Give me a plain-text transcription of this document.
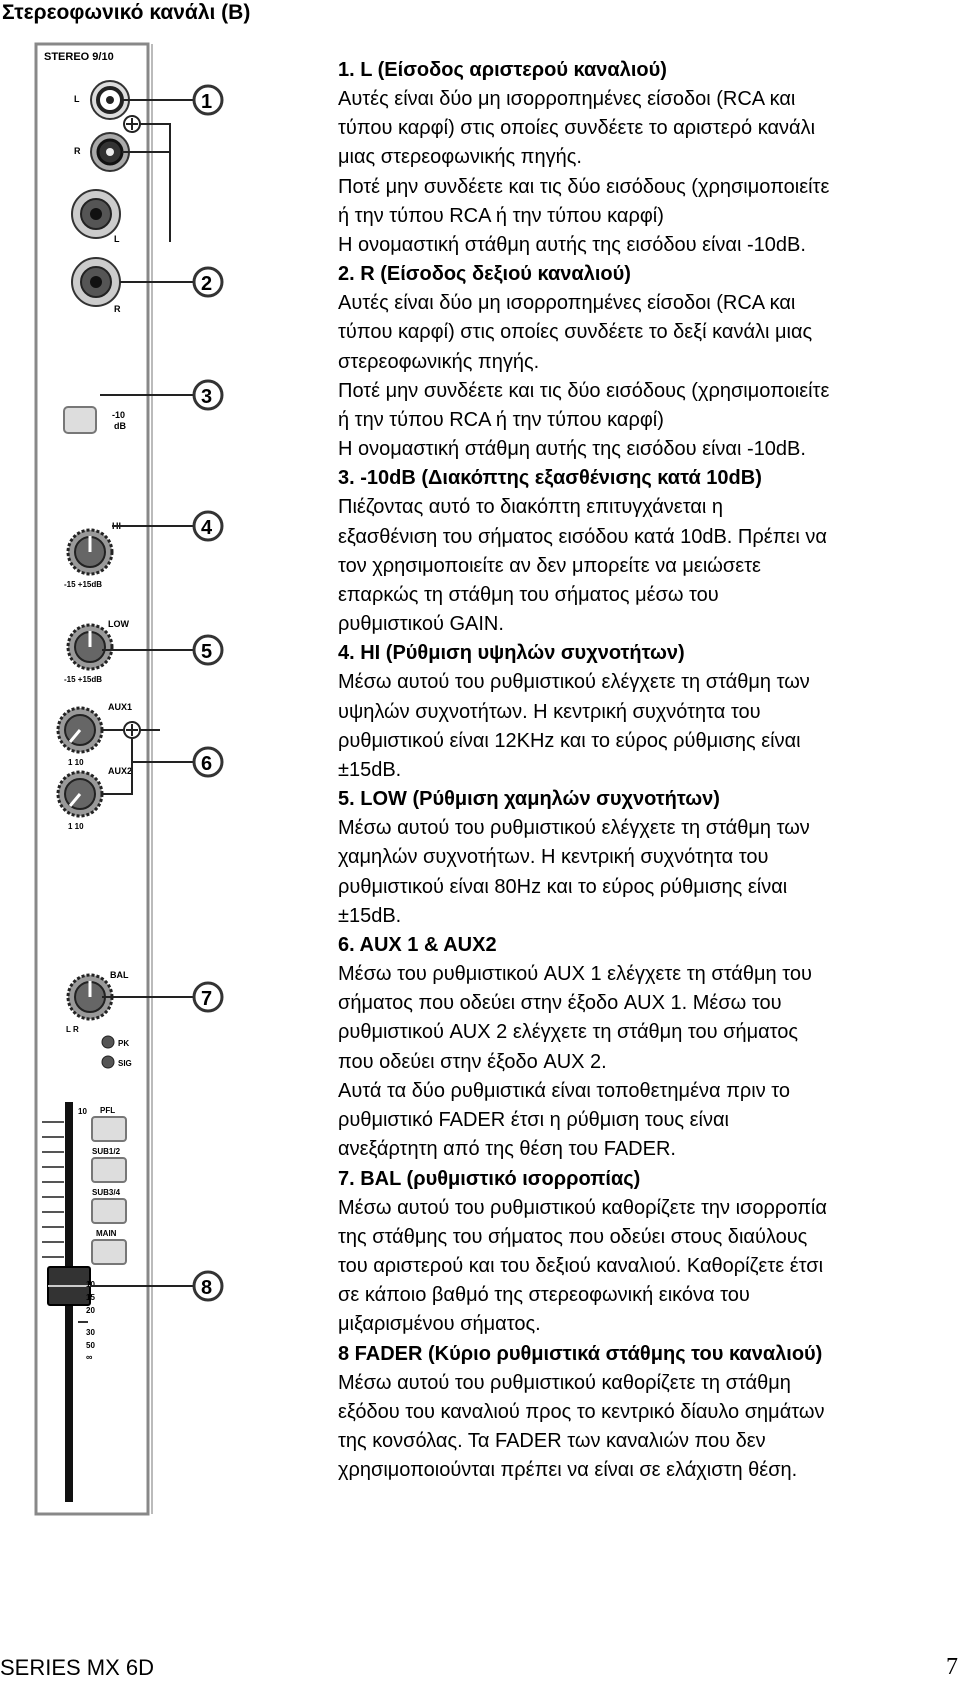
Στερεοφωνικό κανάλι (B)
STEREO 9/10
L
R
L
R
-10
dB
HI
-15 +15dB
LOW
-15 +15dB
AUX1
1 10
AUX2
1 10
BAL
L R
PK
SIG
PFL
SUB1/2
SUB3/4
MAIN
10
10
15
20
30
50
∞
1
2
3
4
5
6
7
8
1. L (Είσοδος αριστερού καναλιού)
Αυτές είναι δύο μη ισορροπημένες είσοδοι (RCA και
τύπου καρφί) στις οποίες συνδέετε το αριστερό κανάλι
μιας στερεοφωνικής πηγής.
Ποτέ μην συνδέετε και τις δύο εισόδους (χρησιμοποιείτε
ή την τύπου RCA ή την τύπου καρφί)
Η ονομαστική στάθμη αυτής της εισόδου είναι -10dB.
2. R (Είσοδος δεξιού καναλιού)
Αυτές είναι δύο μη ισορροπημένες είσοδοι (RCA και
τύπου καρφί) στις οποίες συνδέετε το δεξί κανάλι μιας
στερεοφωνικής πηγής.
Ποτέ μην συνδέετε και τις δύο εισόδους (χρησιμοποιείτε
ή την τύπου RCA ή την τύπου καρφί)
Η ονομαστική στάθμη αυτής της εισόδου είναι -10dB.
3. -10dB (Διακόπτης εξασθένισης κατά 10dB)
Πιέζοντας αυτό το διακόπτη επιτυγχάνεται η
εξασθένιση του σήματος εισόδου κατά 10dB. Πρέπει να
τον χρησιμοποιείτε αν δεν μπορείτε να μειώσετε
επαρκώς τη στάθμη του σήματος μέσω του
ρυθμιστικού GAIN.
4. HI (Ρύθμιση υψηλών συχνοτήτων)
Μέσω αυτού του ρυθμιστικού ελέγχετε τη στάθμη των
υψηλών συχνοτήτων. Η κεντρική συχνότητα του
ρυθμιστικού είναι 12KHz και το εύρος ρύθμισης είναι
±15dB.
5. LOW (Ρύθμιση χαμηλών συχνοτήτων)
Μέσω αυτού του ρυθμιστικού ελέγχετε τη στάθμη των
χαμηλών συχνοτήτων. Η κεντρική συχνότητα του
ρυθμιστικού είναι 80Hz και το εύρος ρύθμισης είναι
±15dB.
6. AUX 1 & AUX2
Μέσω του ρυθμιστικού AUX 1 ελέγχετε τη στάθμη του
σήματος που οδεύει στην έξοδο AUX 1. Μέσω του
ρυθμιστικού AUX 2 ελέγχετε τη στάθμη του σήματος
που οδεύει στην έξοδο AUX 2.
Αυτά τα δύο ρυθμιστικά είναι τοποθετημένα πριν το
ρυθμιστικό FADER έτσι η ρύθμιση τους είναι
ανεξάρτητη από της θέση του FADER.
7. BAL (ρυθμιστικό ισορροπίας)
Μέσω αυτού του ρυθμιστικού καθορίζετε την ισορροπία
της στάθμης του σήματος που οδεύει στους διαύλους
του αριστερού και του δεξιού καναλιού. Καθορίζετε έτσι
σε κάποιο βαθμό της στερεοφωνική εικόνα του
μιξαρισμένου σήματος.
8 FADER (Κύριο ρυθμιστικά στάθμης του καναλιού)
Μέσω αυτού του ρυθμιστικού καθορίζετε τη στάθμη
εξόδου του καναλιού προς το κεντρικό δίαυλο σημάτων
της κονσόλας. Τα FADER των καναλιών που δεν
χρησιμοποιούνται πρέπει να είναι σε ελάχιστη θέση.
SERIES MX 6D	7
